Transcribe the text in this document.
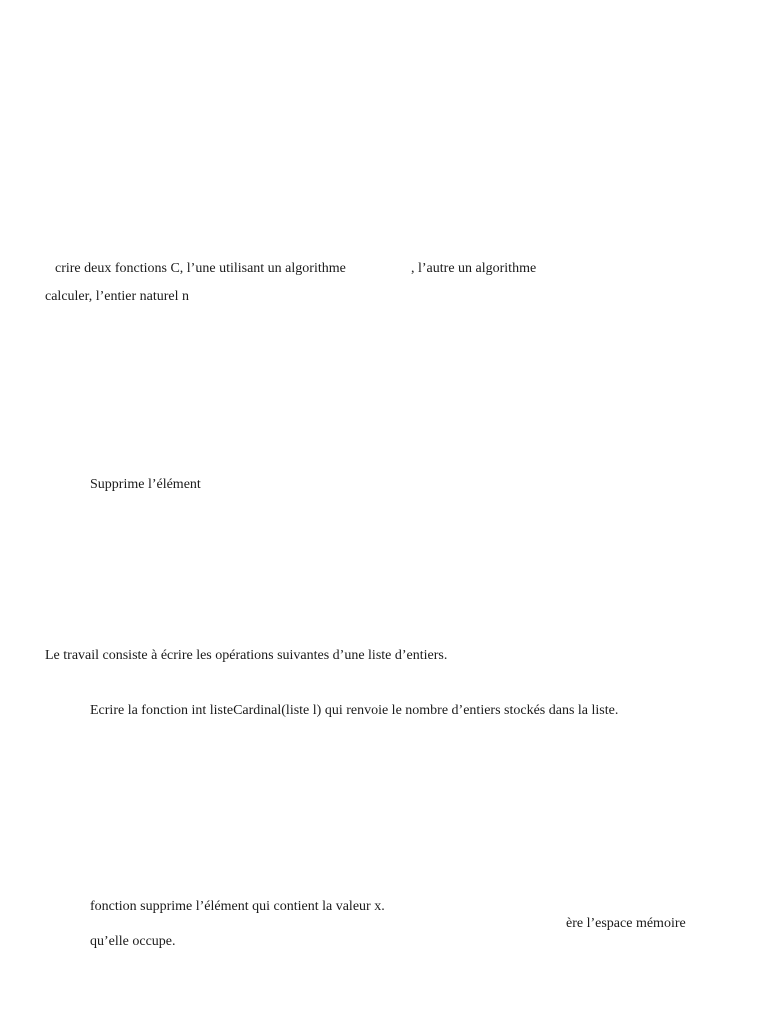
crire deux fonctions C, l’une utilisant un algorithme	, l’autre un algorithme
calculer, l’entier naturel n
Supprime l’élément
Le travail consiste à écrire les opérations suivantes d’une liste d’entiers.
Ecrire la fonction int listeCardinal(liste l) qui renvoie le nombre d’entiers stockés dans la liste.
fonction supprime l’élément qui contient la valeur x.
ère l’espace mémoire
qu’elle occupe.
